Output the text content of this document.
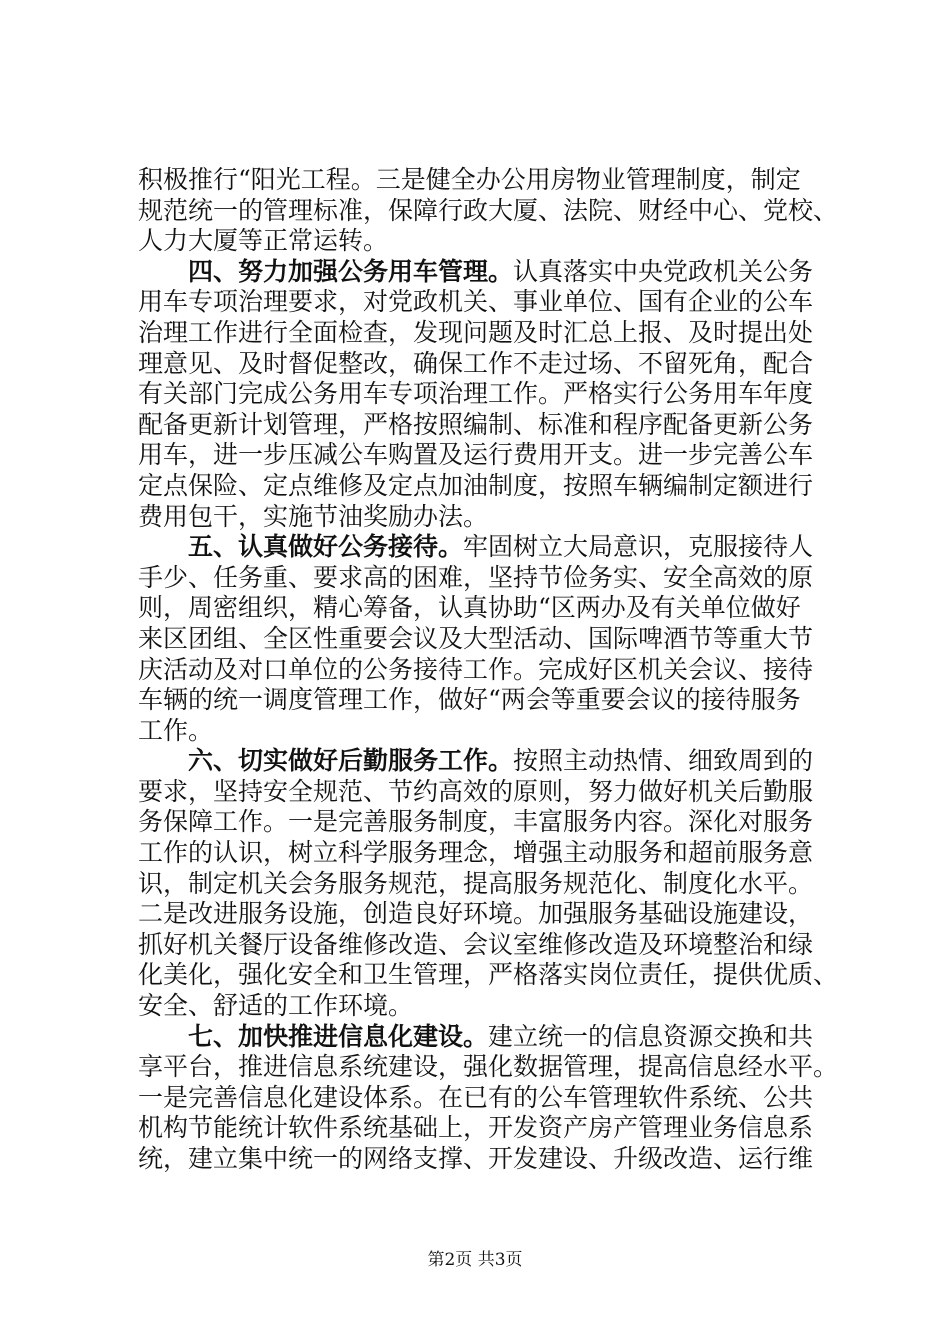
积极推行“阳光工程。三是健全办公用房物业管理制度，制定
规范统一的管理标准，保障行政大厦、法院、财经中心、党校、
人力大厦等正常运转。
四、努力加强公务用车管理。认真落实中央党政机关公务
用车专项治理要求，对党政机关、事业单位、国有企业的公车
治理工作进行全面检查，发现问题及时汇总上报、及时提出处
理意见、及时督促整改，确保工作不走过场、不留死角，配合
有关部门完成公务用车专项治理工作。严格实行公务用车年度
配备更新计划管理，严格按照编制、标准和程序配备更新公务
用车，进一步压减公车购置及运行费用开支。进一步完善公车
定点保险、定点维修及定点加油制度，按照车辆编制定额进行
费用包干，实施节油奖励办法。
五、认真做好公务接待。牢固树立大局意识，克服接待人
手少、任务重、要求高的困难，坚持节俭务实、安全高效的原
则，周密组织，精心筹备，认真协助“区两办及有关单位做好
来区团组、全区性重要会议及大型活动、国际啤酒节等重大节
庆活动及对口单位的公务接待工作。完成好区机关会议、接待
车辆的统一调度管理工作，做好“两会等重要会议的接待服务
工作。
六、切实做好后勤服务工作。按照主动热情、细致周到的
要求，坚持安全规范、节约高效的原则，努力做好机关后勤服
务保障工作。一是完善服务制度，丰富服务内容。深化对服务
工作的认识，树立科学服务理念，增强主动服务和超前服务意
识，制定机关会务服务规范，提高服务规范化、制度化水平。
二是改进服务设施，创造良好环境。加强服务基础设施建设，
抓好机关餐厅设备维修改造、会议室维修改造及环境整治和绿
化美化，强化安全和卫生管理，严格落实岗位责任，提供优质、
安全、舒适的工作环境。
七、加快推进信息化建设。建立统一的信息资源交换和共
享平台，推进信息系统建设，强化数据管理，提高信息经水平。
一是完善信息化建设体系。在已有的公车管理软件系统、公共
机构节能统计软件系统基础上，开发资产房产管理业务信息系
统，建立集中统一的网络支撑、开发建设、升级改造、运行维
第2页 共3页
